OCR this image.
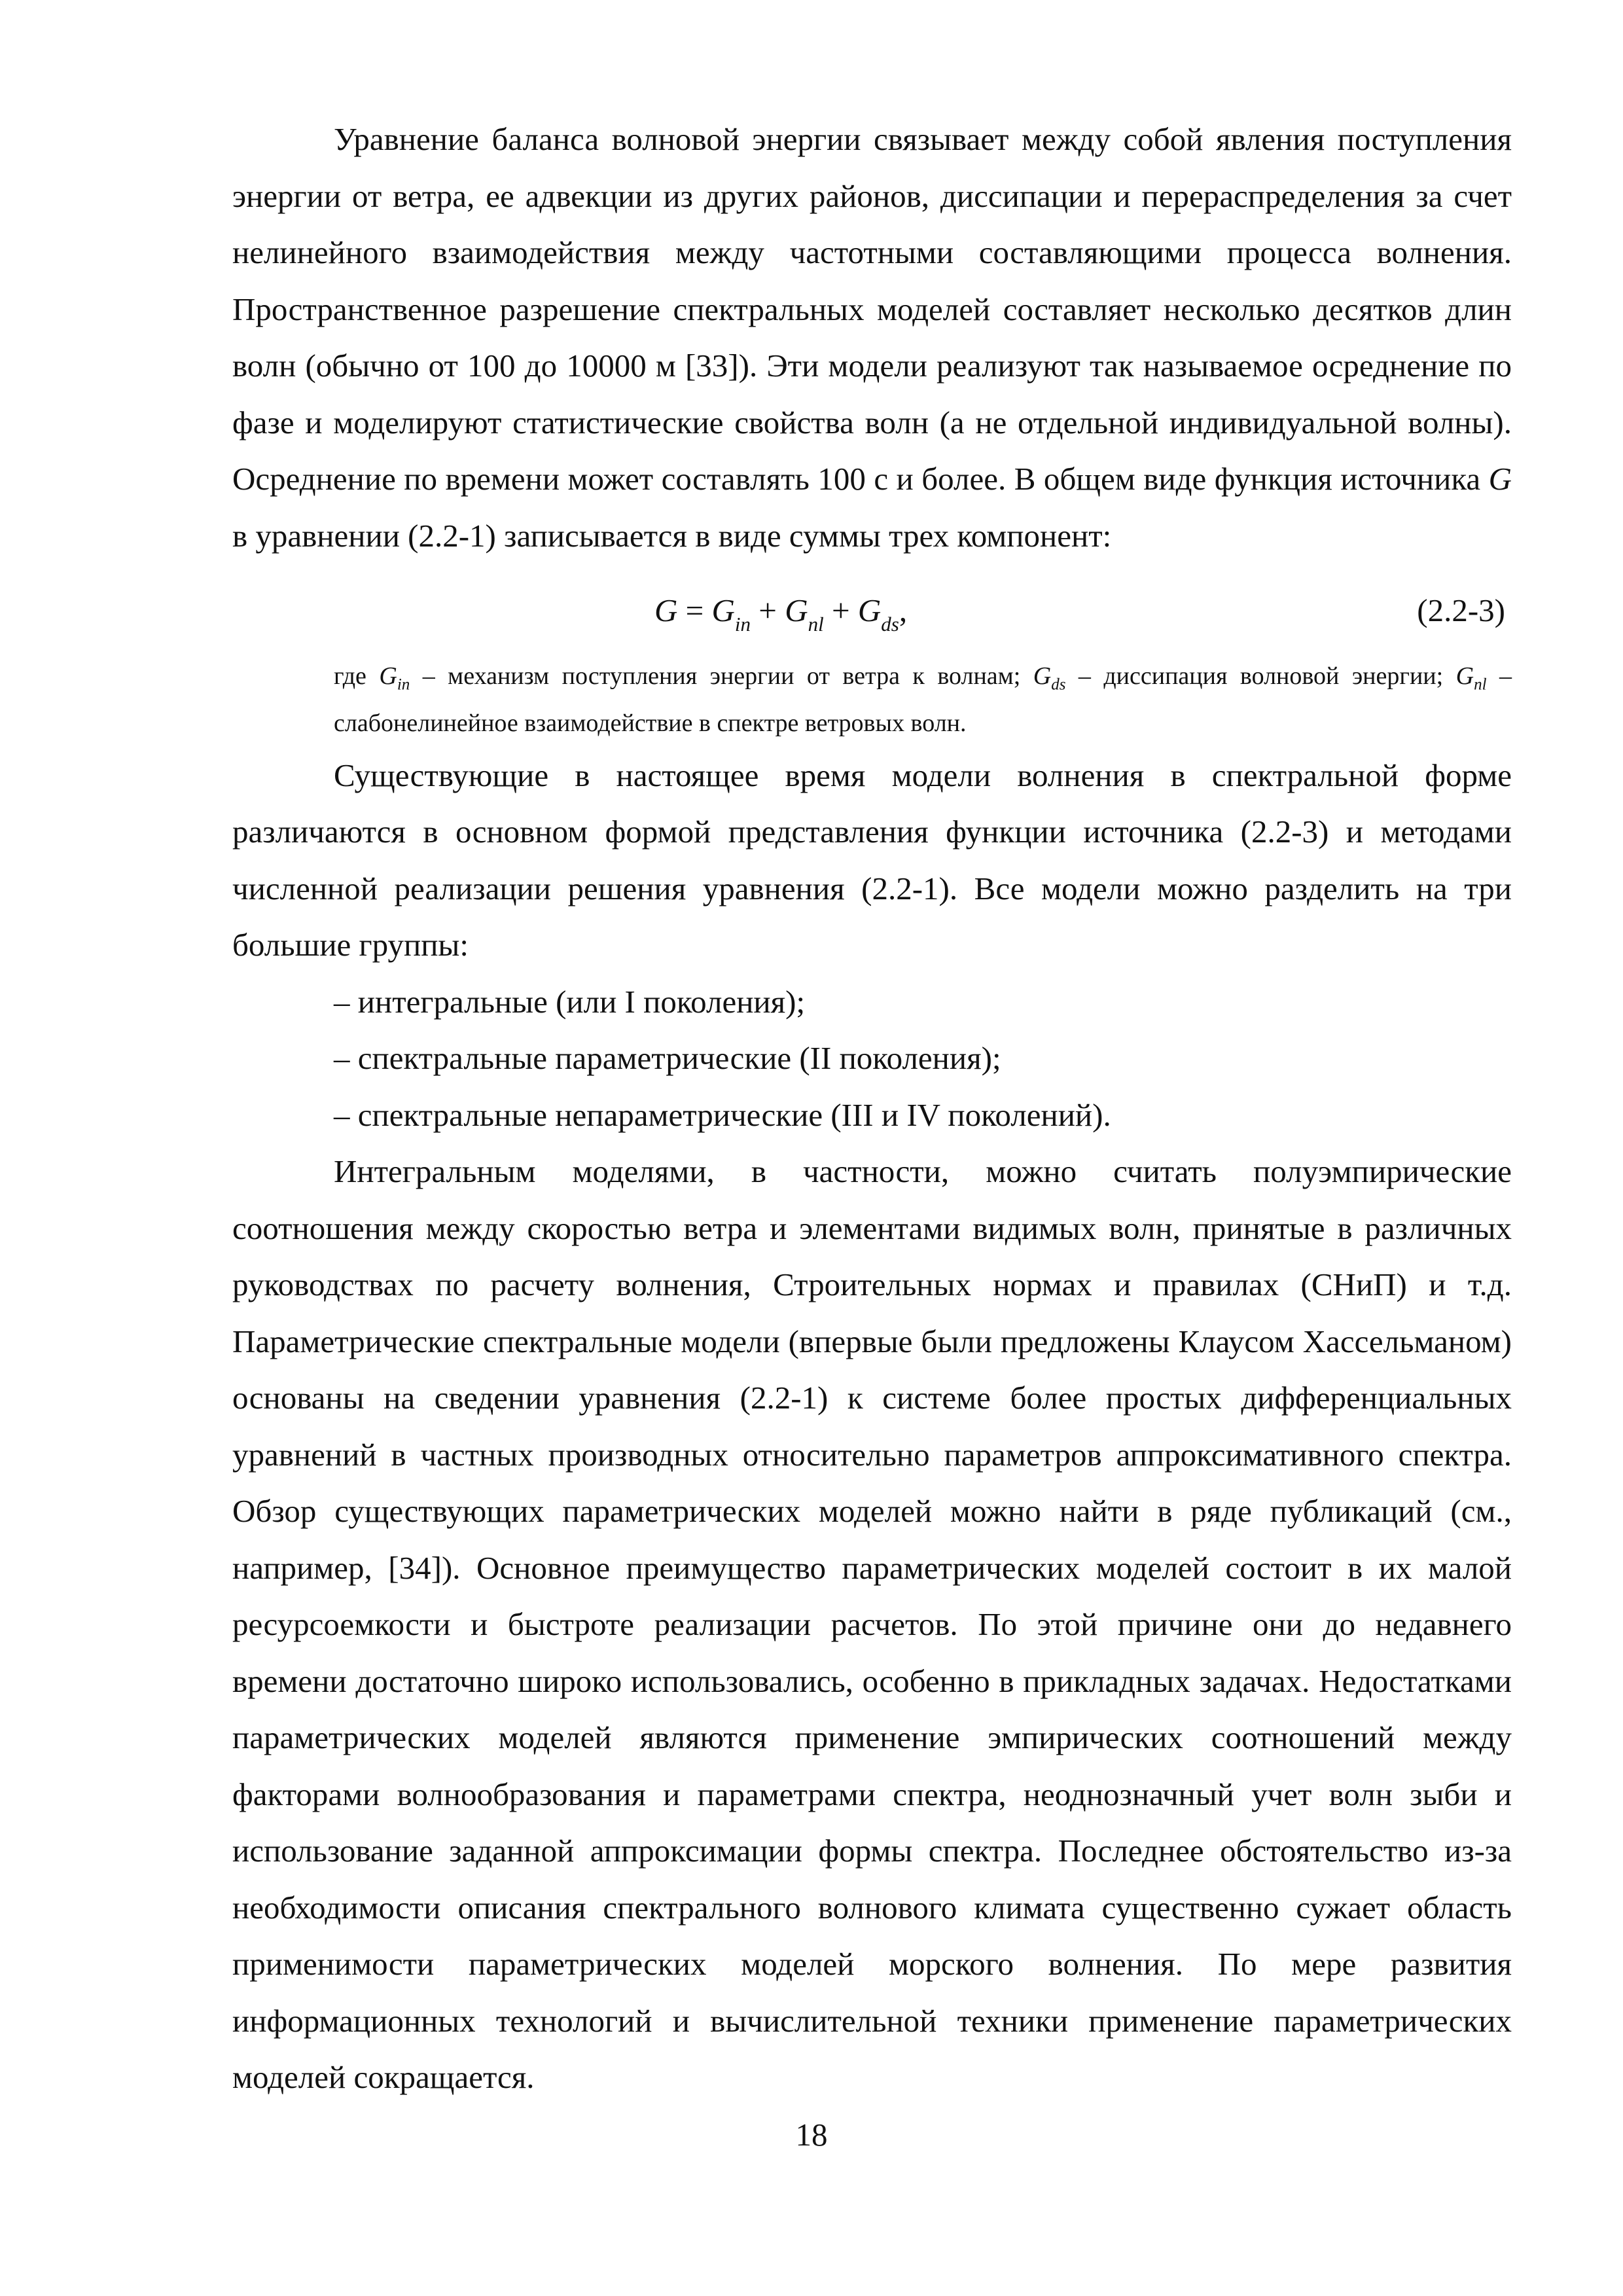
Уравнение баланса волновой энергии связывает между собой явления поступления энергии от ветра, ее адвекции из других районов, диссипации и перераспределения за счет нелинейного взаимодействия между частотными составляющими процесса волнения. Пространственное разрешение спектральных моделей составляет несколько десятков длин волн (обычно от 100 до 10000 м [33]). Эти модели реализуют так называемое осреднение по фазе и моделируют статистические свойства волн (а не отдельной индивидуальной волны). Осреднение по времени может составлять 100 с и более. В общем виде функция источника G в уравнении (2.2-1) записывается в виде суммы трех компонент:

$G = G_{in} + G_{nl} + G_{ds}$,	(2.2-3)

где $G_{in}$ – механизм поступления энергии от ветра к волнам; $G_{ds}$ – диссипация волновой энергии; $G_{nl}$ – слабонелинейное взаимодействие в спектре ветровых волн.

Существующие в настоящее время модели волнения в спектральной форме различаются в основном формой представления функции источника (2.2-3) и методами численной реализации решения уравнения (2.2-1). Все модели можно разделить на три большие группы:

– интегральные (или I поколения);
– спектральные параметрические (II поколения);
– спектральные непараметрические (III и IV поколений).

Интегральным моделями, в частности, можно считать полуэмпирические соотношения между скоростью ветра и элементами видимых волн, принятые в различных руководствах по расчету волнения, Строительных нормах и правилах (СНиП) и т.д. Параметрические спектральные модели (впервые были предложены Клаусом Хассельманом) основаны на сведении уравнения (2.2-1) к системе более простых дифференциальных уравнений в частных производных относительно параметров аппроксимативного спектра. Обзор существующих параметрических моделей можно найти в ряде публикаций (см., например, [34]). Основное преимущество параметрических моделей состоит в их малой ресурсоемкости и быстроте реализации расчетов. По этой причине они до недавнего времени достаточно широко использовались, особенно в прикладных задачах. Недостатками параметрических моделей являются применение эмпирических соотношений между факторами волнообразования и параметрами спектра, неоднозначный учет волн зыби и использование заданной аппроксимации формы спектра. Последнее обстоятельство из-за необходимости описания спектрального волнового климата существенно сужает область применимости параметрических моделей морского волнения. По мере развития информационных технологий и вычислительной техники применение параметрических моделей сокращается.

18
